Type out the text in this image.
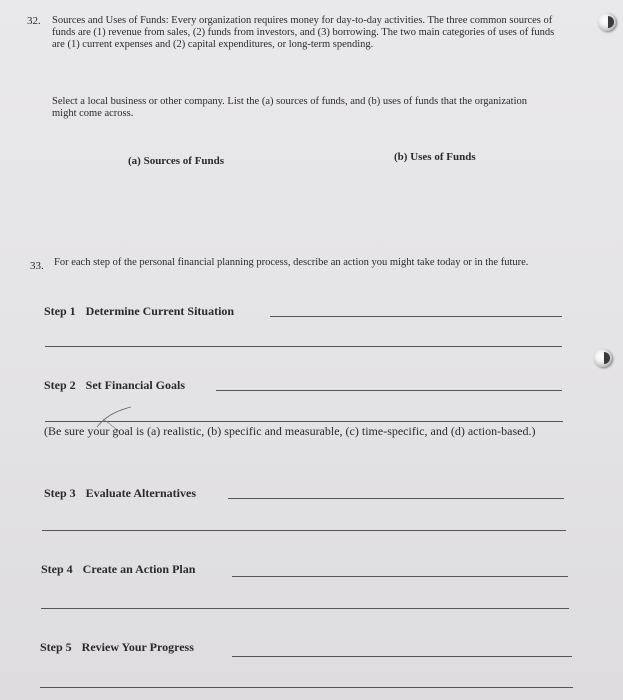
32. Sources and Uses of Funds: Every organization requires money for day-to-day activities. The three common sources of funds are (1) revenue from sales, (2) funds from investors, and (3) borrowing. The two main categories of uses of funds are (1) current expenses and (2) capital expenditures, or long-term spending.
Select a local business or other company. List the (a) sources of funds, and (b) uses of funds that the organization might come across.
(a) Sources of Funds	(b) Uses of Funds
33. For each step of the personal financial planning process, describe an action you might take today or in the future.
Step 1 Determine Current Situation
Step 2 Set Financial Goals
(Be sure your goal is (a) realistic, (b) specific and measurable, (c) time-specific, and (d) action-based.)
Step 3 Evaluate Alternatives
Step 4 Create an Action Plan
Step 5 Review Your Progress
